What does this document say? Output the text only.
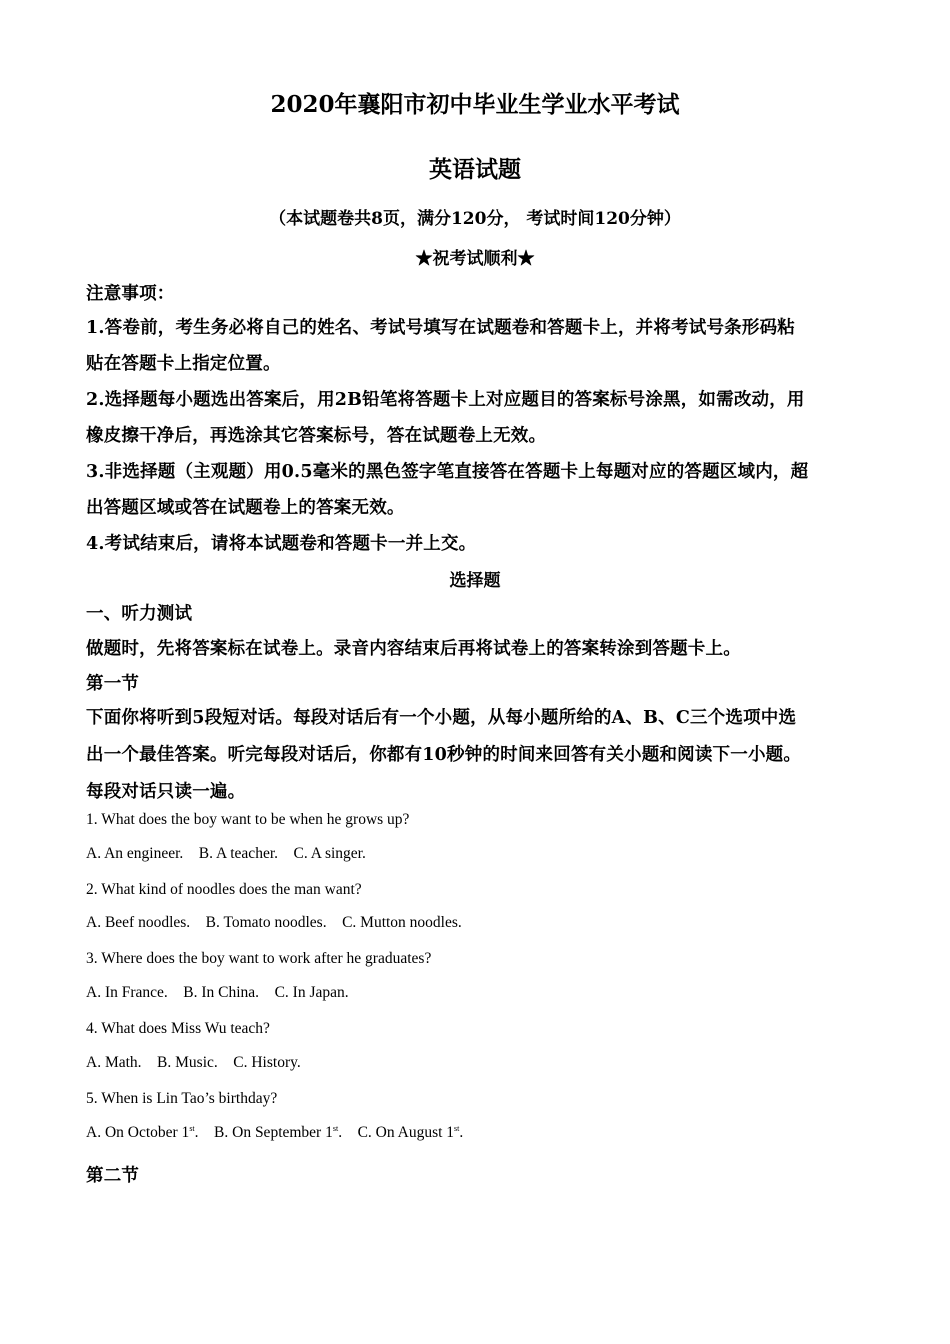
2020年襄阳市初中毕业生学业水平考试
英语试题
（本试题卷共8页，满分120分， 考试时间120分钟）
★祝考试顺利★
注意事项：
1.答卷前，考生务必将自己的姓名、考试号填写在试题卷和答题卡上，并将考试号条形码粘
贴在答题卡上指定位置。
2.选择题每小题选出答案后，用2B铅笔将答题卡上对应题目的答案标号涂黑，如需改动，用
橡皮擦干净后，再选涂其它答案标号，答在试题卷上无效。
3.非选择题（主观题）用0.5毫米的黑色签字笔直接答在答题卡上每题对应的答题区域内，超
出答题区域或答在试题卷上的答案无效。
4.考试结束后，请将本试题卷和答题卡一并上交。
选择题
一、听力测试
做题时，先将答案标在试卷上。录音内容结束后再将试卷上的答案转涂到答题卡上。
第一节
下面你将听到5段短对话。每段对话后有一个小题，从每小题所给的A、B、C三个选项中选
出一个最佳答案。听完每段对话后，你都有10秒钟的时间来回答有关小题和阅读下一小题。
每段对话只读一遍。
1. What does the boy want to be when he grows up?
A. An engineer. B. A teacher. C. A singer.
2. What kind of noodles does the man want?
A. Beef noodles. B. Tomato noodles. C. Mutton noodles.
3. Where does the boy want to work after he graduates?
A. In France. B. In China. C. In Japan.
4. What does Miss Wu teach?
A. Math. B. Music. C. History.
5. When is Lin Tao’s birthday?
A. On October 1st. B. On September 1st. C. On August 1st.
第二节
